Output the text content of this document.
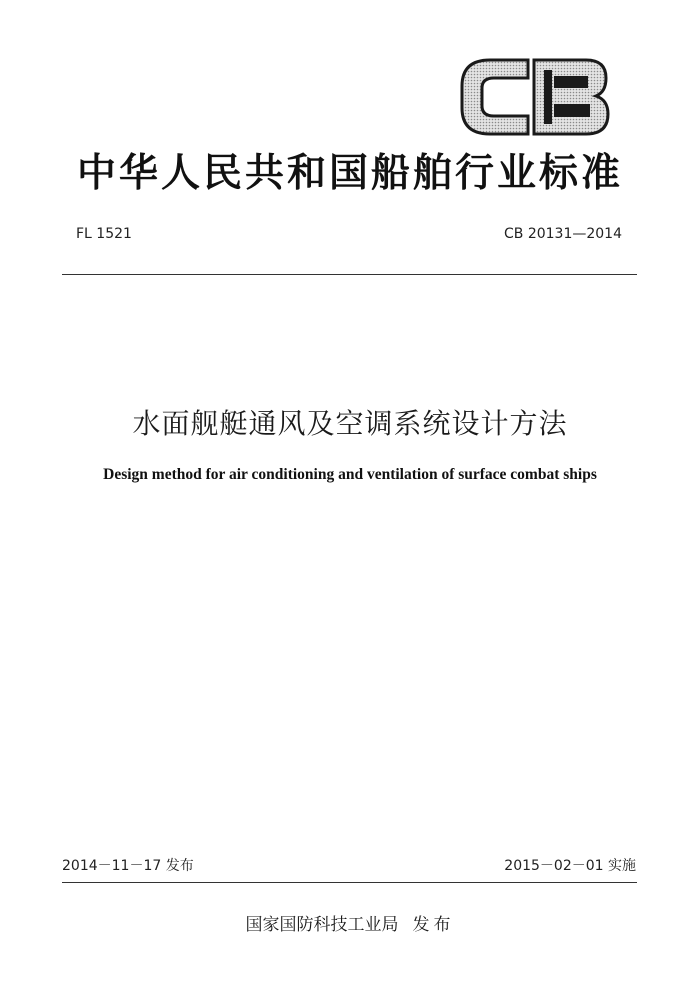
中华人民共和国船舶行业标准
FL 1521	CB 20131—2014
水面舰艇通风及空调系统设计方法
Design method for air conditioning and ventilation of surface combat ships
2014－11－17 发布	2015－02－01 实施
国家国防科技工业局 发布
